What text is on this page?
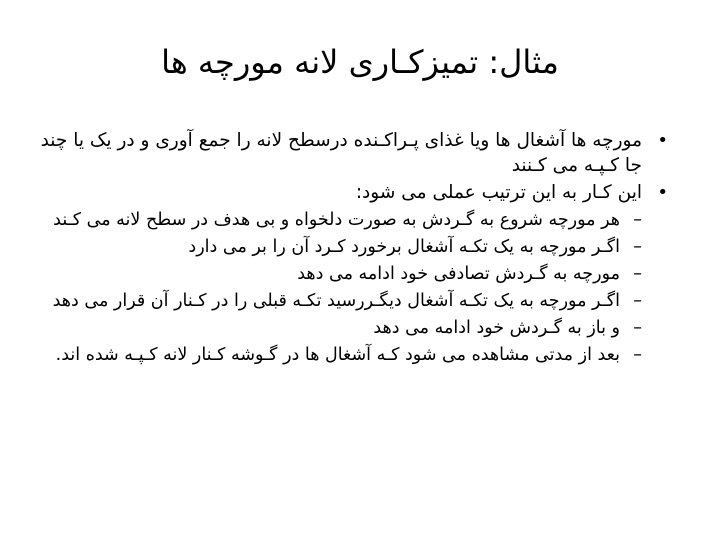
مثال: تمیزکـاری لانه مورچه ها
•
مورچه ها آشغال ها ویا غذای پـراکـنده درسطح لانه را جمع آوری و در یک یا چند جا کـپـه می کـنند
•
این کـار به این ترتیب عملی می شود:
–
هر مورچه شروع به گـردش به صورت دلخواه و بی هدف در سطح لانه می کـند
–
اگـر مورچه به یک تکـه آشغال برخورد کـرد آن را بر می دارد
–
مورچه به گـردش تصادفی خود ادامه می دهد
–
اگـر مورچه به یک تکـه آشغال دیگـررسید تکـه قبلی را در کـنار آن قرار می دهد
–
و باز به گـردش خود ادامه می دهد
–
بعد از مدتی مشاهده می شود کـه آشغال ها در گـوشه کـنار لانه کـپـه شده اند.
